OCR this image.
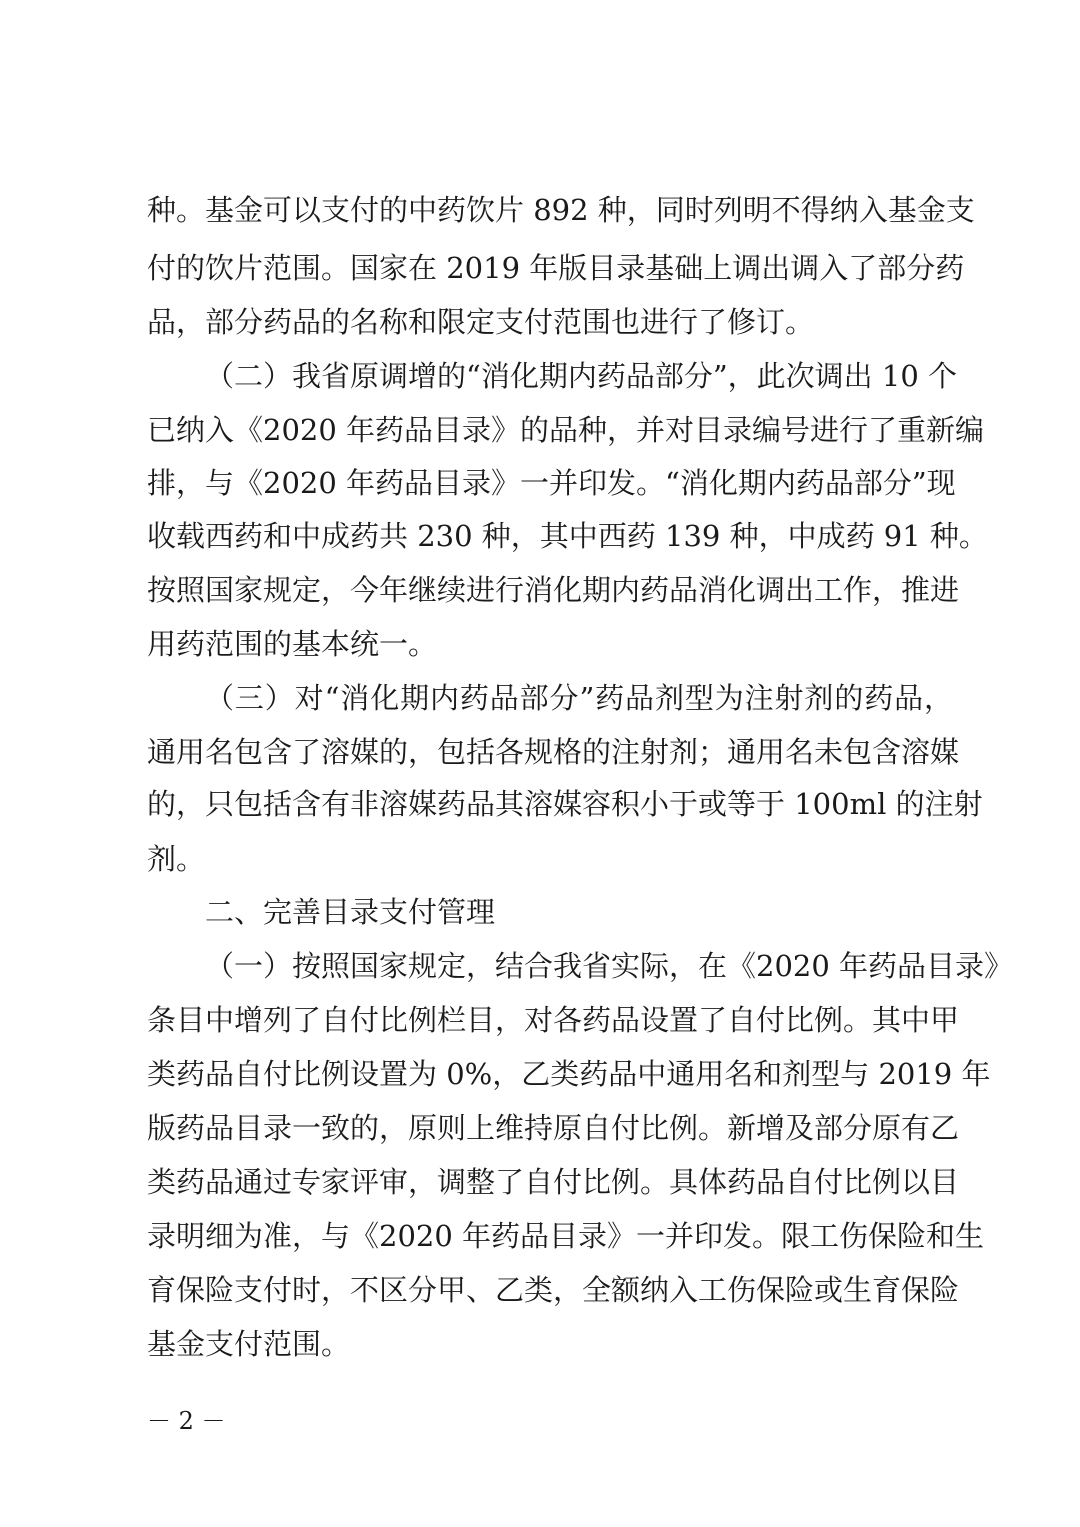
种。基金可以支付的中药饮片 892 种，同时列明不得纳入基金支
付的饮片范围。国家在 2019 年版目录基础上调出调入了部分药
品，部分药品的名称和限定支付范围也进行了修订。
（二）我省原调增的“消化期内药品部分”，此次调出 10 个
已纳入《2020 年药品目录》的品种，并对目录编号进行了重新编
排，与《2020 年药品目录》一并印发。“消化期内药品部分”现
收载西药和中成药共 230 种，其中西药 139 种，中成药 91 种。
按照国家规定，今年继续进行消化期内药品消化调出工作，推进
用药范围的基本统一。
（三）对“消化期内药品部分”药品剂型为注射剂的药品，
通用名包含了溶媒的，包括各规格的注射剂；通用名未包含溶媒
的，只包括含有非溶媒药品其溶媒容积小于或等于 100ml 的注射
剂。
二、完善目录支付管理
（一）按照国家规定，结合我省实际，在《2020 年药品目录》
条目中增列了自付比例栏目，对各药品设置了自付比例。其中甲
类药品自付比例设置为 0%，乙类药品中通用名和剂型与 2019 年
版药品目录一致的，原则上维持原自付比例。新增及部分原有乙
类药品通过专家评审，调整了自付比例。具体药品自付比例以目
录明细为准，与《2020 年药品目录》一并印发。限工伤保险和生
育保险支付时，不区分甲、乙类，全额纳入工伤保险或生育保险
基金支付范围。
－ 2 －
